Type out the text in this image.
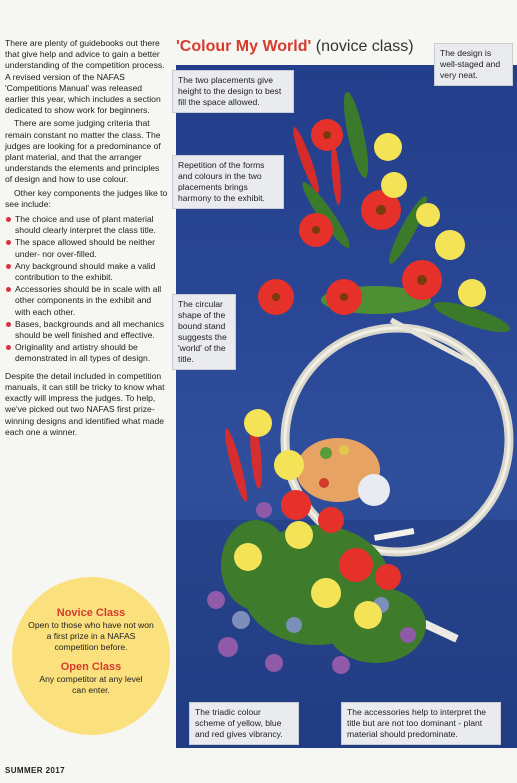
There are plenty of guidebooks out there that give help and advice to gain a better understanding of the competition process. A revised version of the NAFAS 'Competitions Manual' was released earlier this year, which includes a section dedicated to show work for beginners.

There are some judging criteria that remain constant no matter the class. The judges are looking for a predominance of plant material, and that the arranger understands the elements and principles of design and how to use colour.

Other key components the judges like to see include:

The choice and use of plant material should clearly interpret the class title.
The space allowed should be neither under- nor over-filled.
Any background should make a valid contribution to the exhibit.
Accessories should be in scale with all other components in the exhibit and with each other.
Bases, backgrounds and all mechanics should be well finished and effective.
Originality and artistry should be demonstrated in all types of design.

Despite the detail included in competition manuals, it can still be tricky to know what exactly will impress the judges. To help, we've picked out two NAFAS first prize-winning designs and identified what made each one a winner.

Novice Class

Open to those who have not won a first prize in a NAFAS competition before.

Open Class

Any competitor at any level can enter.

'Colour My World' (novice class)
The two placements give height to the design to best fill the space allowed.
The design is well-staged and very neat.
Repetition of the forms and colours in the two placements brings harmony to the exhibit.
The circular shape of the bound stand suggests the 'world' of the title.
The triadic colour scheme of yellow, blue and red gives vibrancy.
The accessories help to interpret the title but are not too dominant - plant material should predominate.
SUMMER 2017
